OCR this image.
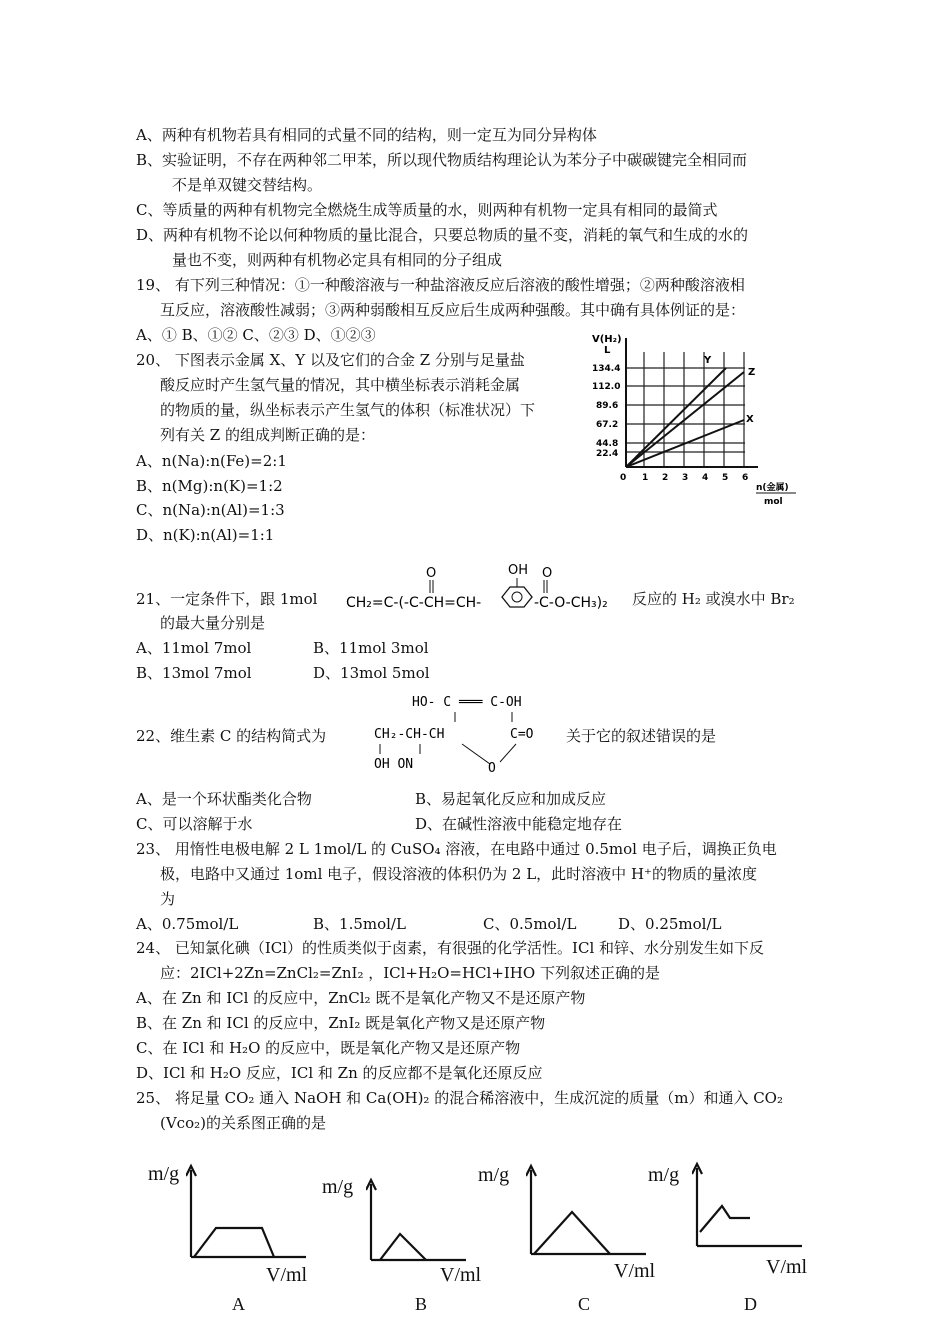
A、两种有机物若具有相同的式量不同的结构，则一定互为同分异构体
B、实验证明，不存在两种邻二甲苯，所以现代物质结构理论认为苯分子中碳碳键完全相同而
不是单双键交替结构。
C、等质量的两种有机物完全燃烧生成等质量的水，则两种有机物一定具有相同的最简式
D、两种有机物不论以何种物质的量比混合，只要总物质的量不变，消耗的氧气和生成的水的
量也不变，则两种有机物必定具有相同的分子组成
19、 有下列三种情况：①一种酸溶液与一种盐溶液反应后溶液的酸性增强；②两种酸溶液相
互反应，溶液酸性减弱；③两种弱酸相互反应后生成两种强酸。其中确有具体例证的是：
A、① B、①② C、②③ D、①②③
20、 下图表示金属 X、Y 以及它们的合金 Z 分别与足量盐
酸反应时产生氢气量的情况，其中横坐标表示消耗金属
的物质的量，纵坐标表示产生氢气的体积（标准状况）下
列有关 Z 的组成判断正确的是：
A、n(Na):n(Fe)=2:1
B、n(Mg):n(K)=1:2
C、n(Na):n(Al)=1:3
D、n(K):n(Al)=1:1
V(H₂)
L
134.4
112.0
89.6
67.2
44.8
22.4
0 1 2 3 4 5 6
Y
Z
X
n(金属)
mol
21、一定条件下，跟 1mol CH₂=C-(-C-CH=CH-
O	OH
-C-O-CH₃)₂
O
反应的 H₂ 或溴水中 Br₂
的最大量分别是
A、11mol 7mol	B、11mol 3mol
B、13mol 7mol	D、13mol 5mol
22、维生素 C 的结构简式为
HO- C ═══ C-OH
CH₂-CH-CH	C=O
OH ON	O
关于它的叙述错误的是
A、是一个环状酯类化合物	B、易起氧化反应和加成反应
C、可以溶解于水	D、在碱性溶液中能稳定地存在
23、 用惰性电极电解 2 L 1mol/L 的 CuSO₄ 溶液，在电路中通过 0.5mol 电子后，调换正负电
极，电路中又通过 1oml 电子，假设溶液的体积仍为 2 L，此时溶液中 H⁺的物质的量浓度
为
A、0.75mol/L	B、1.5mol/L	C、0.5mol/L	D、0.25mol/L
24、 已知氯化碘（ICl）的性质类似于卤素，有很强的化学活性。ICl 和锌、水分别发生如下反
应：2ICl+2Zn=ZnCl₂=ZnI₂ ，ICl+H₂O=HCl+IHO 下列叙述正确的是
A、在 Zn 和 ICl 的反应中，ZnCl₂ 既不是氧化产物又不是还原产物
B、在 Zn 和 ICl 的反应中，ZnI₂ 既是氧化产物又是还原产物
C、在 ICl 和 H₂O 的反应中，既是氧化产物又是还原产物
D、ICl 和 H₂O 反应，ICl 和 Zn 的反应都不是氧化还原反应
25、 将足量 CO₂ 通入 NaOH 和 Ca(OH)₂ 的混合稀溶液中，生成沉淀的质量（m）和通入 CO₂
(Vco₂)的关系图正确的是
m/g
V/ml
A
m/g
V/ml
B
m/g
V/ml
C
m/g
V/ml
D
